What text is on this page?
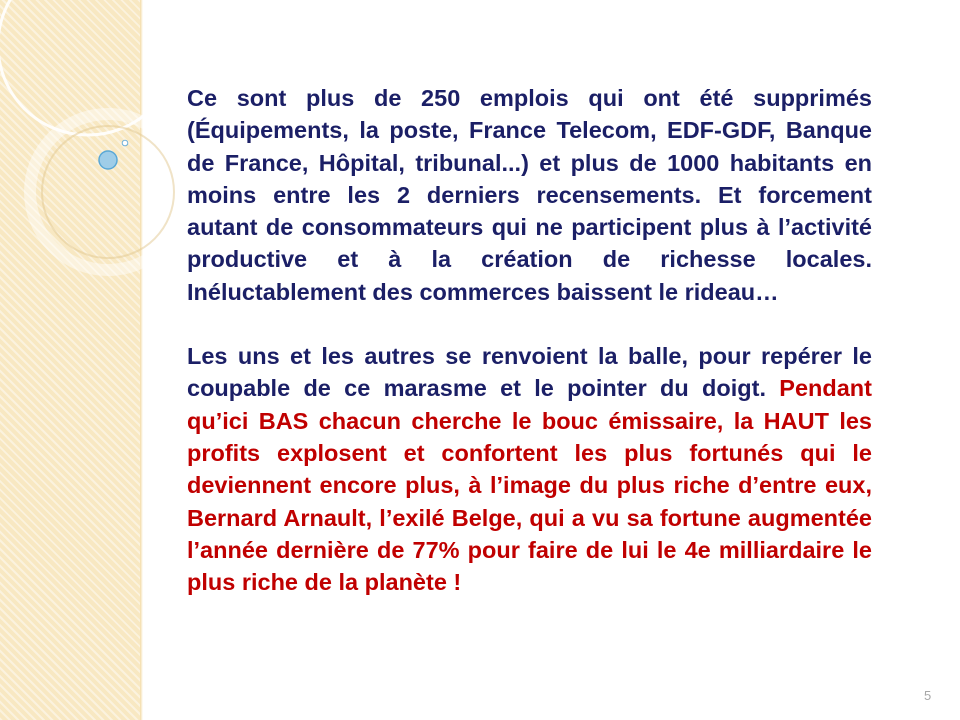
Ce sont plus de 250 emplois qui ont été supprimés (Équipements, la poste, France Telecom, EDF-GDF, Banque de France, Hôpital, tribunal...) et plus de 1000 habitants en moins entre les 2 derniers recensements. Et forcement autant de consommateurs qui ne participent plus à l’activité productive et à la création de richesse locales. Inéluctablement des commerces baissent le rideau…

Les uns et les autres se renvoient la balle, pour repérer le coupable de ce marasme et le pointer du doigt. Pendant qu’ici BAS chacun cherche le bouc émissaire, la HAUT les profits explosent et confortent les plus fortunés qui le deviennent encore plus, à l’image du plus riche d’entre eux, Bernard Arnault, l’exilé Belge, qui a vu sa fortune augmentée l’année dernière de 77% pour faire de lui le 4e milliardaire le plus riche de la planète !

5
